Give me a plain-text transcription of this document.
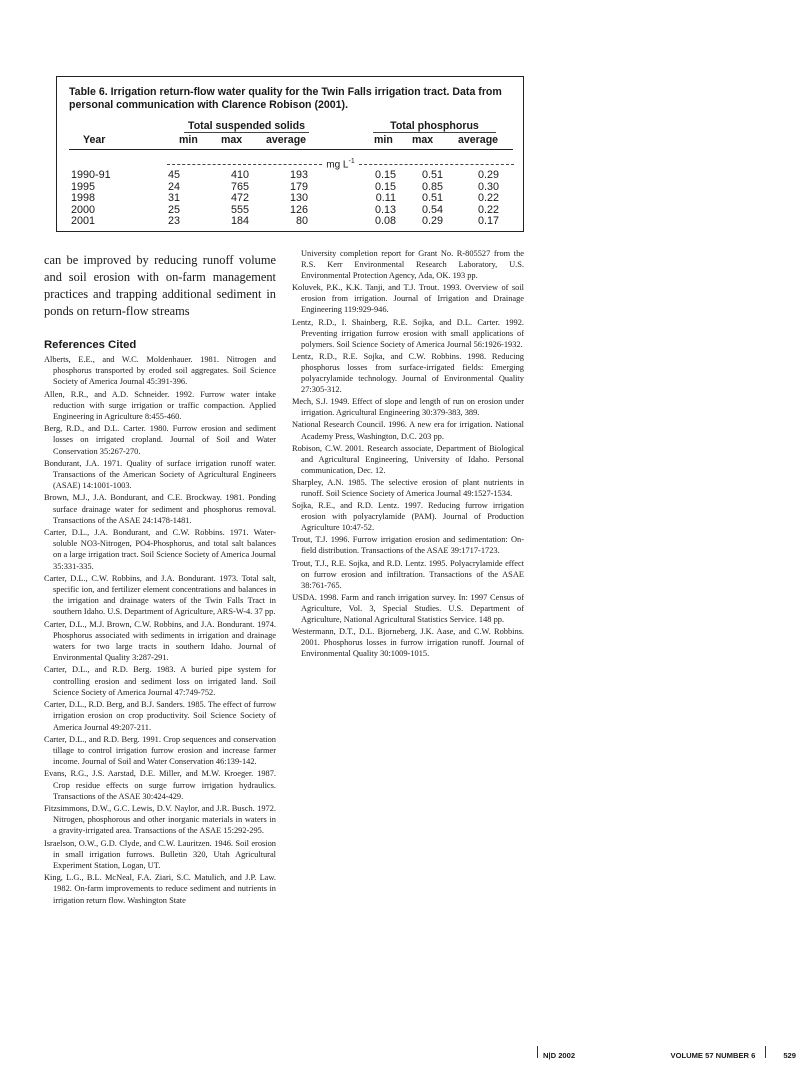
Table 6. Irrigation return-flow water quality for the Twin Falls irrigation tract. Data from personal communication with Clarence Robison (2001).

Total suspended solids	Total phosphorus
Year	min max average	min max average
mg $L^{-1}$
1990-91	45	410	193	0.15	0.51	0.29
1995	24	765	179	0.15	0.85	0.30
1998	31	472	130	0.11	0.51	0.22
2000	25	555	126	0.13	0.54	0.22
2001	23	184	80	0.08	0.29	0.17

can be improved by reducing runoff volume and soil erosion with on-farm management practices and trapping additional sediment in ponds on return-flow streams

References Cited

Alberts, E.E., and W.C. Moldenhauer. 1981. Nitrogen and phosphorus transported by eroded soil aggregates. Soil Science Society of America Journal 45:391-396.

Allen, R.R., and A.D. Schneider. 1992. Furrow water intake reduction with surge irrigation or traffic compaction. Applied Engineering in Agriculture 8:455-460.

Berg, R.D., and D.L. Carter. 1980. Furrow erosion and sediment losses on irrigated cropland. Journal of Soil and Water Conservation 35:267-270.

Bondurant, J.A. 1971. Quality of surface irrigation runoff water. Transactions of the American Society of Agricultural Engineers (ASAE) 14:1001-1003.

Brown, M.J., J.A. Bondurant, and C.E. Brockway. 1981. Ponding surface drainage water for sediment and phosphorus removal. Transactions of the ASAE 24:1478-1481.

Carter, D.L., J.A. Bondurant, and C.W. Robbins. 1971. Water-soluble NO3-Nitrogen, PO4-Phosphorus, and total salt balances on a large irrigation tract. Soil Science Society of America Journal 35:331-335.

Carter, D.L., C.W. Robbins, and J.A. Bondurant. 1973. Total salt, specific ion, and fertilizer element concentrations and balances in the irrigation and drainage waters of the Twin Falls Tract in southern Idaho. U.S. Department of Agriculture, ARS-W-4. 37 pp.

Carter, D.L., M.J. Brown, C.W. Robbins, and J.A. Bondurant. 1974. Phosphorus associated with sediments in irrigation and drainage waters for two large tracts in southern Idaho. Journal of Environmental Quality 3:287-291.

Carter, D.L., and R.D. Berg. 1983. A buried pipe system for controlling erosion and sediment loss on irrigated land. Soil Science Society of America Journal 47:749-752.

Carter, D.L., R.D. Berg, and B.J. Sanders. 1985. The effect of furrow irrigation erosion on crop productivity. Soil Science Society of America Journal 49:207-211.

Carter, D.L., and R.D. Berg. 1991. Crop sequences and conservation tillage to control irrigation furrow erosion and increase farmer income. Journal of Soil and Water Conservation 46:139-142.

Evans, R.G., J.S. Aarstad, D.E. Miller, and M.W. Kroeger. 1987. Crop residue effects on surge furrow irrigation hydraulics. Transactions of the ASAE 30:424-429.

Fitzsimmons, D.W., G.C. Lewis, D.V. Naylor, and J.R. Busch. 1972. Nitrogen, phosphorous and other inorganic materials in waters in a gravity-irrigated area. Transactions of the ASAE 15:292-295.

Israelson, O.W., G.D. Clyde, and C.W. Lauritzen. 1946. Soil erosion in small irrigation furrows. Bulletin 320, Utah Agricultural Experiment Station, Logan, UT.

King, L.G., B.L. McNeal, F.A. Ziari, S.C. Matulich, and J.P. Law. 1982. On-farm improvements to reduce sediment and nutrients in irrigation return flow. Washington State

University completion report for Grant No. R-805527 from the R.S. Kerr Environmental Research Laboratory, U.S. Environmental Protection Agency, Ada, OK. 193 pp.

Koluvek, P.K., K.K. Tanji, and T.J. Trout. 1993. Overview of soil erosion from irrigation. Journal of Irrigation and Drainage Engineering 119:929-946.

Lentz, R.D., I. Shainberg, R.E. Sojka, and D.L. Carter. 1992. Preventing irrigation furrow erosion with small applications of polymers. Soil Science Society of America Journal 56:1926-1932.

Lentz, R.D., R.E. Sojka, and C.W. Robbins. 1998. Reducing phosphorus losses from surface-irrigated fields: Emerging polyacrylamide technology. Journal of Environmental Quality 27:305-312.

Mech, S.J. 1949. Effect of slope and length of run on erosion under irrigation. Agricultural Engineering 30:379-383, 389.

National Research Council. 1996. A new era for irrigation. National Academy Press, Washington, D.C. 203 pp.

Robison, C.W. 2001. Research associate, Department of Biological and Agricultural Engineering, University of Idaho. Personal communication, Dec. 12.

Sharpley, A.N. 1985. The selective erosion of plant nutrients in runoff. Soil Science Society of America Journal 49:1527-1534.

Sojka, R.E., and R.D. Lentz. 1997. Reducing furrow irrigation erosion with polyacrylamide (PAM). Journal of Production Agriculture 10:47-52.

Trout, T.J. 1996. Furrow irrigation erosion and sedimentation: On-field distribution. Transactions of the ASAE 39:1717-1723.

Trout, T.J., R.E. Sojka, and R.D. Lentz. 1995. Polyacrylamide effect on furrow erosion and infiltration. Transactions of the ASAE 38:761-765.

USDA. 1998. Farm and ranch irrigation survey. In: 1997 Census of Agriculture, Vol. 3, Special Studies. U.S. Department of Agriculture, National Agricultural Statistics Service. 148 pp.

Westermann, D.T., D.L. Bjorneberg, J.K. Aase, and C.W. Robbins. 2001. Phosphorus losses in furrow irrigation runoff. Journal of Environmental Quality 30:1009-1015.

N|D 2002	VOLUME 57 NUMBER 6	529
